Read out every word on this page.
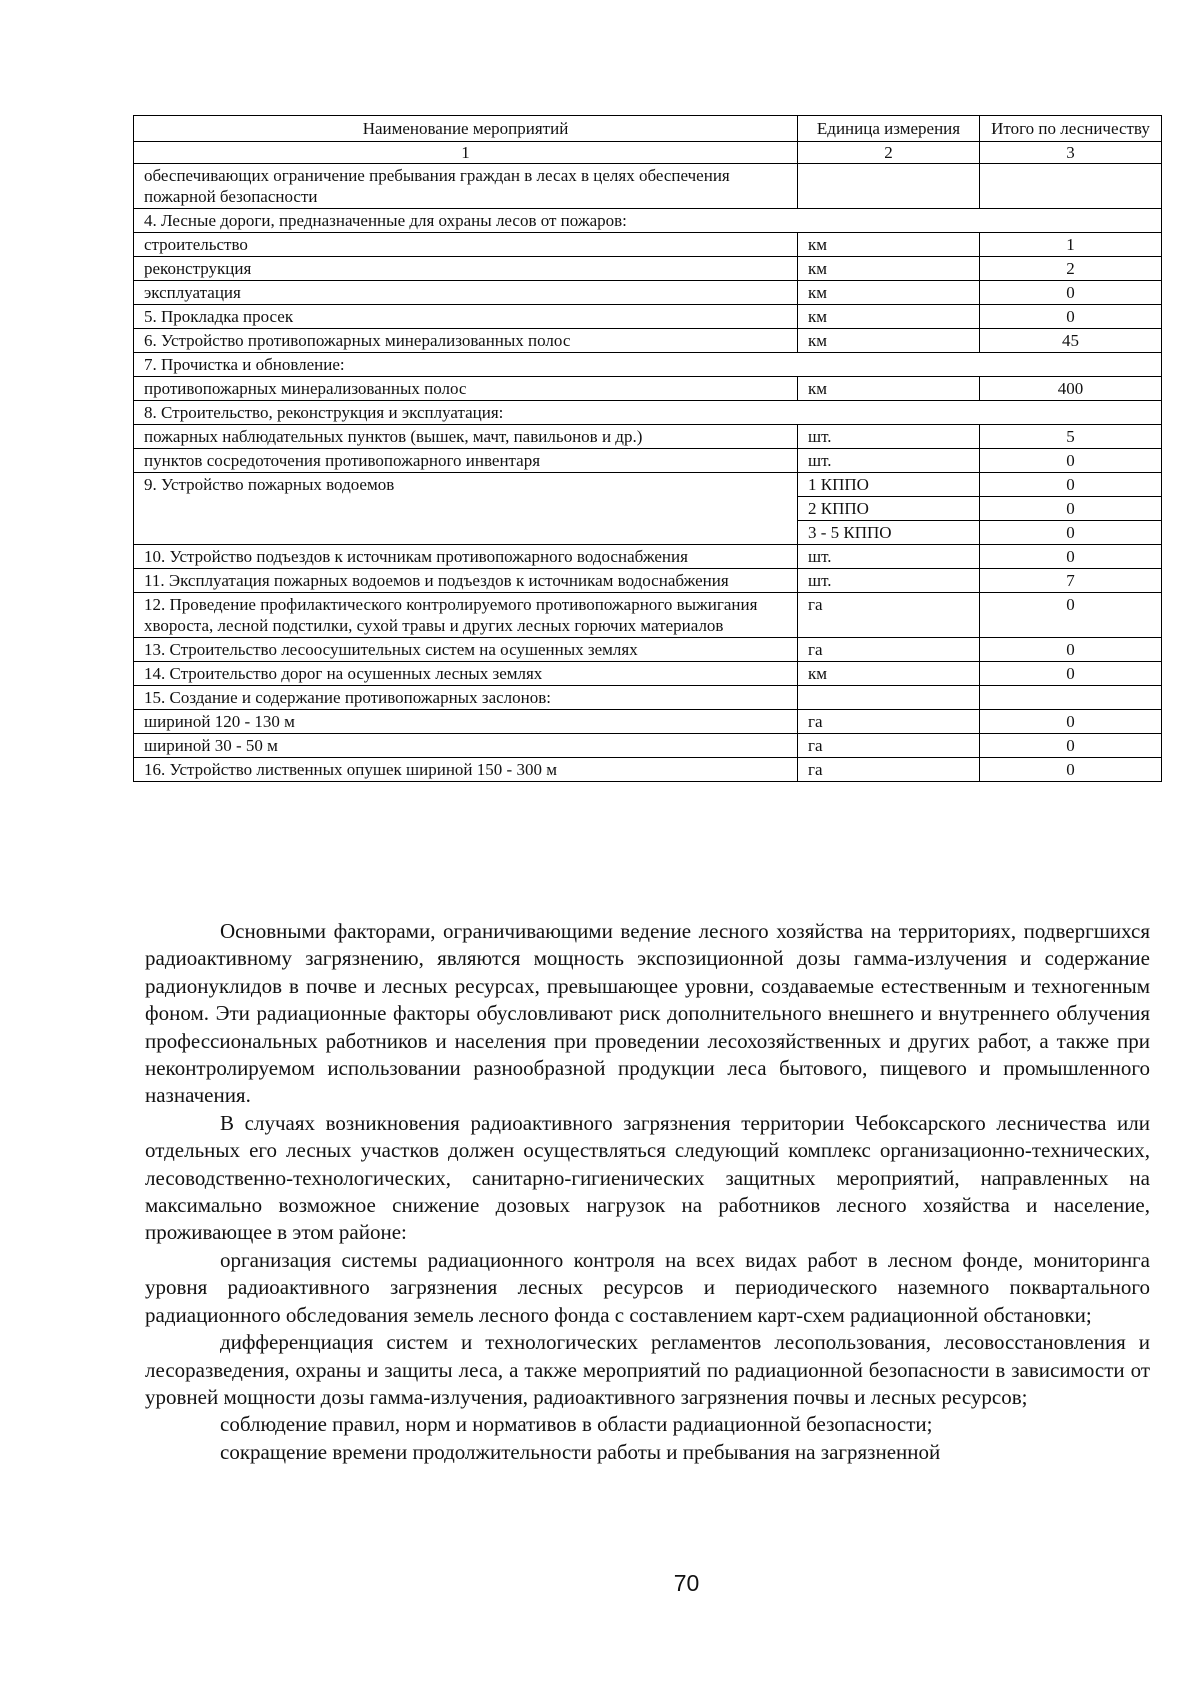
Наименование мероприятий	Единица измерения	Итого по лесничеству
1	2	3
обеспечивающих ограничение пребывания граждан в лесах в целях обеспечения пожарной безопасности		
4. Лесные дороги, предназначенные для охраны лесов от пожаров:		
строительство	км	1
реконструкция	км	2
эксплуатация	км	0
5. Прокладка просек	км	0
6. Устройство противопожарных минерализованных полос	км	45
7. Прочистка и обновление:		
противопожарных минерализованных полос	км	400
8. Строительство, реконструкция и эксплуатация:		
пожарных наблюдательных пунктов (вышек, мачт, павильонов и др.)	шт.	5
пунктов сосредоточения противопожарного инвентаря	шт.	0
9. Устройство пожарных водоемов	1 КППО	0
	2 КППО	0
	3 - 5 КППО	0
10. Устройство подъездов к источникам противопожарного водоснабжения	шт.	0
11. Эксплуатация пожарных водоемов и подъездов к источникам водоснабжения	шт.	7
12. Проведение профилактического контролируемого противопожарного выжигания хвороста, лесной подстилки, сухой травы и других лесных горючих материалов	га	0
13. Строительство лесоосушительных систем на осушенных землях	га	0
14. Строительство дорог на осушенных лесных землях	км	0
15. Создание и содержание противопожарных заслонов:		
шириной 120 - 130 м	га	0
шириной 30 - 50 м	га	0
16. Устройство лиственных опушек шириной 150 - 300 м	га	0

Основными факторами, ограничивающими ведение лесного хозяйства на территориях, подвергшихся радиоактивному загрязнению, являются мощность экспозиционной дозы гамма-излучения и содержание радионуклидов в почве и лесных ресурсах, превышающее уровни, создаваемые естественным и техногенным фоном. Эти радиационные факторы обусловливают риск дополнительного внешнего и внутреннего облучения профессиональных работников и населения при проведении лесохозяйственных и других работ, а также при неконтролируемом использовании разнообразной продукции леса бытового, пищевого и промышленного назначения.

В случаях возникновения радиоактивного загрязнения территории Чебоксарского лесничества или отдельных его лесных участков должен осуществляться следующий комплекс организационно-технических, лесоводственно-технологических, санитарно-гигиенических защитных мероприятий, направленных на максимально возможное снижение дозовых нагрузок на работников лесного хозяйства и население, проживающее в этом районе:

организация системы радиационного контроля на всех видах работ в лесном фонде, мониторинга уровня радиоактивного загрязнения лесных ресурсов и периодического наземного поквартального радиационного обследования земель лесного фонда с составлением карт-схем радиационной обстановки;

дифференциация систем и технологических регламентов лесопользования, лесовосстановления и лесоразведения, охраны и защиты леса, а также мероприятий по радиационной безопасности в зависимости от уровней мощности дозы гамма-излучения, радиоактивного загрязнения почвы и лесных ресурсов;

соблюдение правил, норм и нормативов в области радиационной безопасности;

сокращение времени продолжительности работы и пребывания на загрязненной

70
